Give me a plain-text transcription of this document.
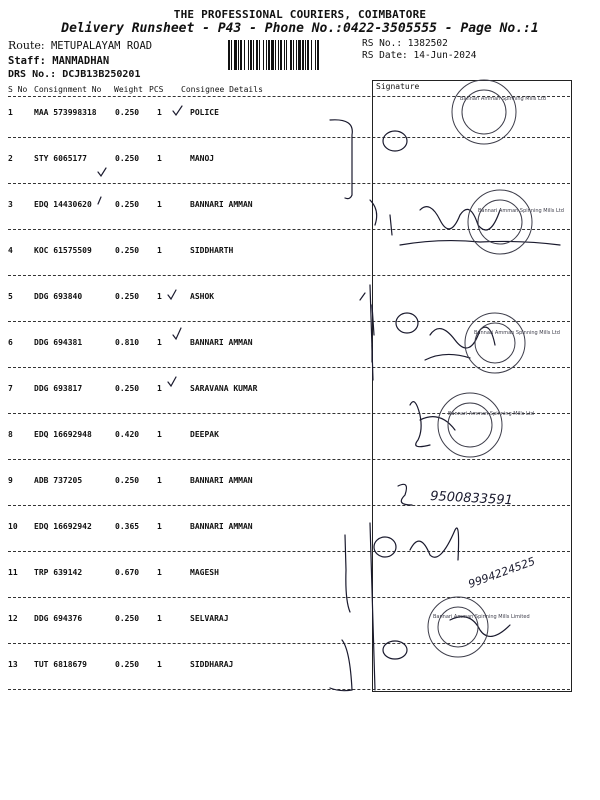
THE PROFESSIONAL COURIERS, COIMBATORE
Delivery Runsheet - P43 - Phone No.:0422-3505555 - Page No.:1
Route: METUPALAYAM ROAD
Staff: MANMADHAN
DRS No.: DCJB13B250201
RS No.: 1382502
RS Date: 14-Jun-2024
S No Consignment No Weight PCS Consignee Details	Signature
1	MAA 573998318 0.250 1	POLICE
2	STY 6065177	0.250 1	MANOJ
3	EDQ 14430620	0.250 1	BANNARI AMMAN
4	KOC 61575509	0.250 1	SIDDHARTH
5	DDG 693840	0.250 1	ASHOK
6	DDG 694381	0.810 1	BANNARI AMMAN
7	DDG 693817	0.250 1	SARAVANA KUMAR
8	EDQ 16692948	0.420 1	DEEPAK
9	ADB 737205	0.250 1	BANNARI AMMAN
10 EDQ 16692942	0.365 1	BANNARI AMMAN
11 TRP 639142	0.670 1	MAGESH
12 DDG 694376	0.250 1	SELVARAJ
13 TUT 6818679	0.250 1	SIDDHARAJ
Bannari Amman Spinning Mills Ltd
Bannari Amman Spinning Mills Ltd
Bannari Amman Spinning Mills Ltd
Bannari Amman Spinning Mills Ltd
Bannari Amman Spinning Mills Limited
9500833591
9994224525
